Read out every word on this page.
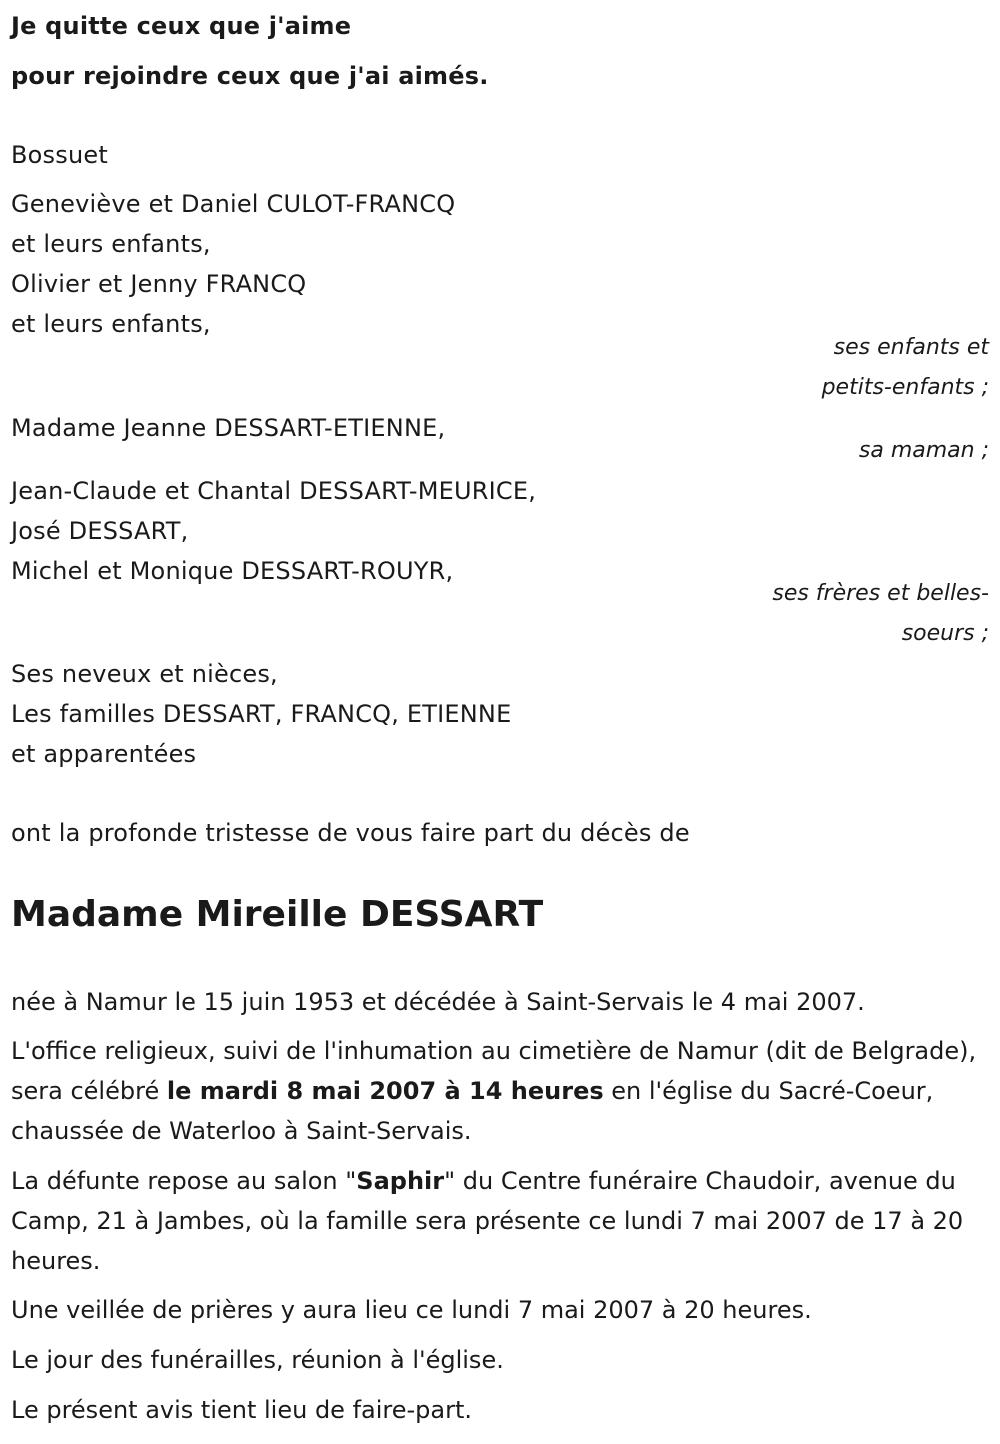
Je quitte ceux que j'aime
pour rejoindre ceux que j'ai aimés.
Bossuet
Geneviève et Daniel CULOT-FRANCQ
et leurs enfants,
Olivier et Jenny FRANCQ
et leurs enfants,
ses enfants et
petits-enfants ;
Madame Jeanne DESSART-ETIENNE,
sa maman ;
Jean-Claude et Chantal DESSART-MEURICE,
José DESSART,
Michel et Monique DESSART-ROUYR,
ses frères et belles-
soeurs ;
Ses neveux et nièces,
Les familles DESSART, FRANCQ, ETIENNE
et apparentées
ont la profonde tristesse de vous faire part du décès de
Madame Mireille DESSART
née à Namur le 15 juin 1953 et décédée à Saint-Servais le 4 mai 2007.
L'office religieux, suivi de l'inhumation au cimetière de Namur (dit de Belgrade), sera célébré le mardi 8 mai 2007 à 14 heures en l'église du Sacré-Coeur, chaussée de Waterloo à Saint-Servais.
La défunte repose au salon "Saphir" du Centre funéraire Chaudoir, avenue du Camp, 21 à Jambes, où la famille sera présente ce lundi 7 mai 2007 de 17 à 20 heures.
Une veillée de prières y aura lieu ce lundi 7 mai 2007 à 20 heures.
Le jour des funérailles, réunion à l'église.
Le présent avis tient lieu de faire-part.
